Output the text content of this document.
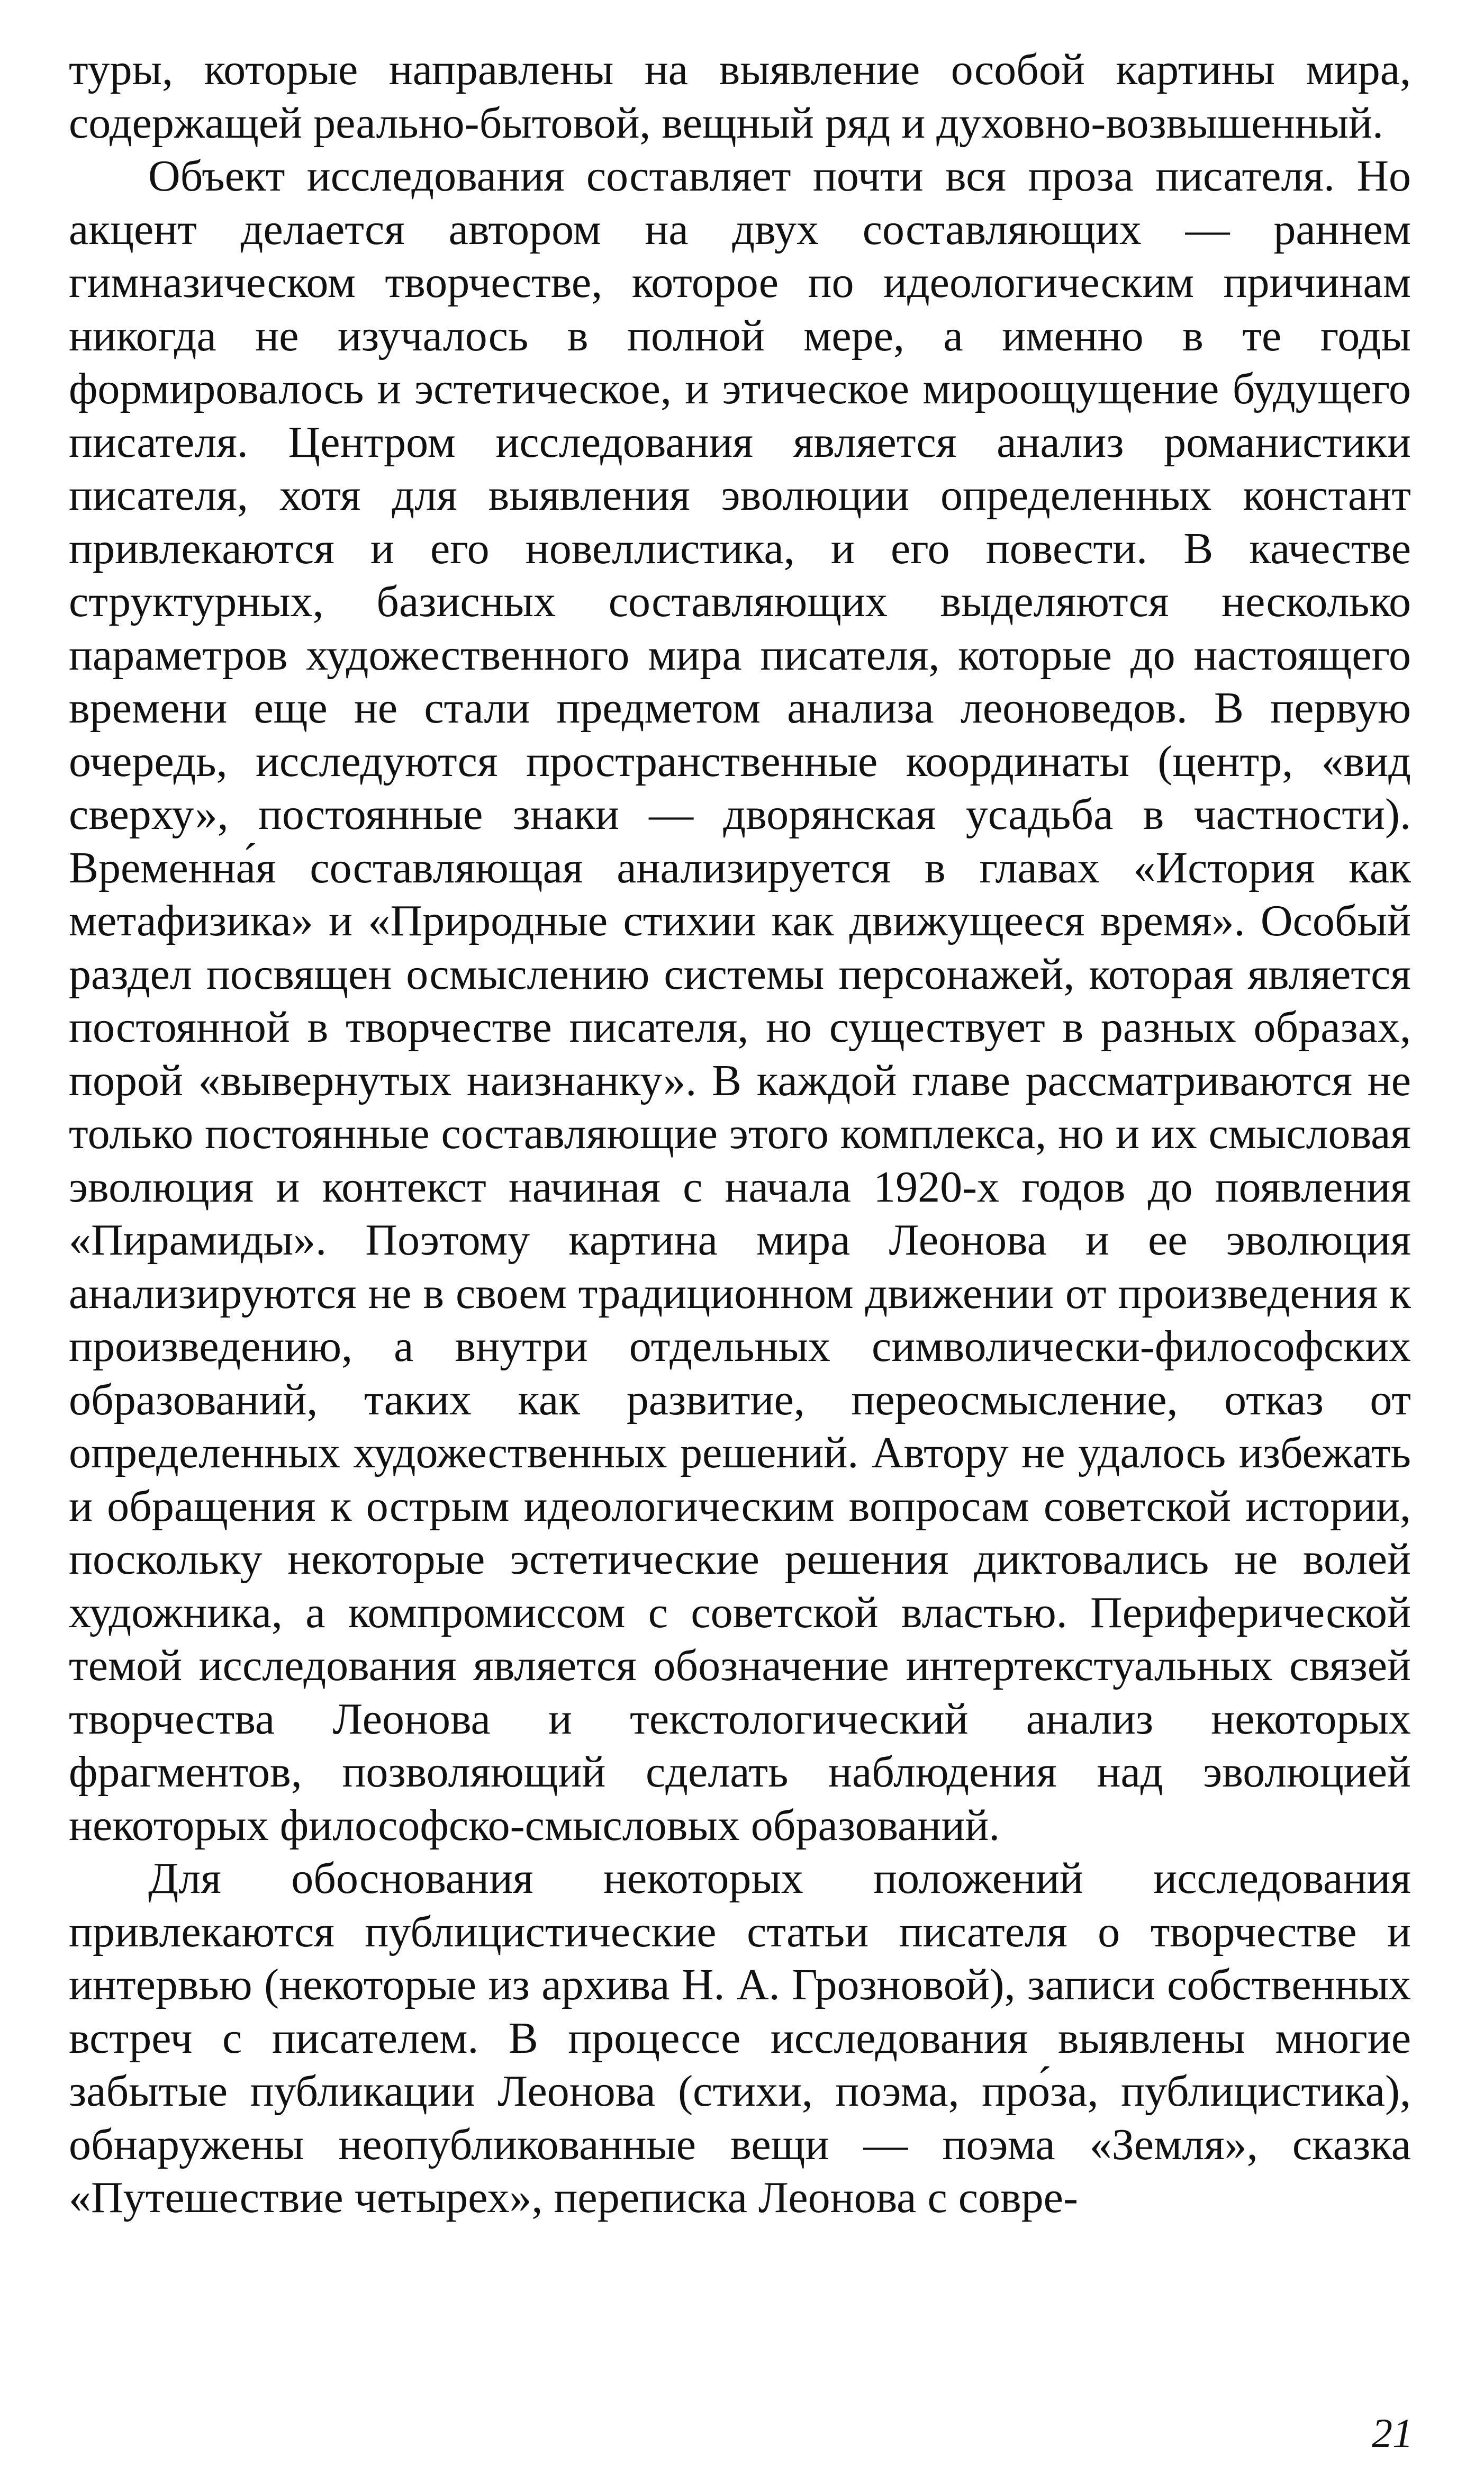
туры, которые направлены на выявление особой картины мира, содержащей реально-бытовой, вещный ряд и духовно-возвышенный.

Объект исследования составляет почти вся проза писателя. Но акцент делается автором на двух составляющих — раннем гимназическом творчестве, которое по идеологическим причинам никогда не изучалось в полной мере, а именно в те годы формировалось и эстетическое, и этическое мироощущение будущего писателя. Центром исследования является анализ романистики писателя, хотя для выявления эволюции определенных констант привлекаются и его новеллистика, и его повести. В качестве структурных, базисных составляющих выделяются несколько параметров художественного мира писателя, которые до настоящего времени еще не стали предметом анализа леоноведов. В первую очередь, исследуются пространственные координаты (центр, «вид сверху», постоянные знаки — дворянская усадьба в частности). Временна́я составляющая анализируется в главах «История как метафизика» и «Природные стихии как движущееся время». Особый раздел посвящен осмыслению системы персонажей, которая является постоянной в творчестве писателя, но существует в разных образах, порой «вывернутых наизнанку». В каждой главе рассматриваются не только постоянные составляющие этого комплекса, но и их смысловая эволюция и контекст начиная с начала 1920-х годов до появления «Пирамиды». Поэтому картина мира Леонова и ее эволюция анализируются не в своем традиционном движении от произведения к произведению, а внутри отдельных символически-философских образований, таких как развитие, переосмысление, отказ от определенных художественных решений. Автору не удалось избежать и обращения к острым идеологическим вопросам советской истории, поскольку некоторые эстетические решения диктовались не волей художника, а компромиссом с советской властью. Периферической темой исследования является обозначение интертекстуальных связей творчества Леонова и текстологический анализ некоторых фрагментов, позволяющий сделать наблюдения над эволюцией некоторых философско-смысловых образований.

Для обоснования некоторых положений исследования привлекаются публицистические статьи писателя о творчестве и интервью (некоторые из архива Н. А. Грозновой), записи собственных встреч с писателем. В процессе исследования выявлены многие забытые публикации Леонова (стихи, поэма, про́за, публицистика), обнаружены неопубликованные вещи — поэма «Земля», сказка «Путешествие четырех», переписка Леонова с совре-

21
